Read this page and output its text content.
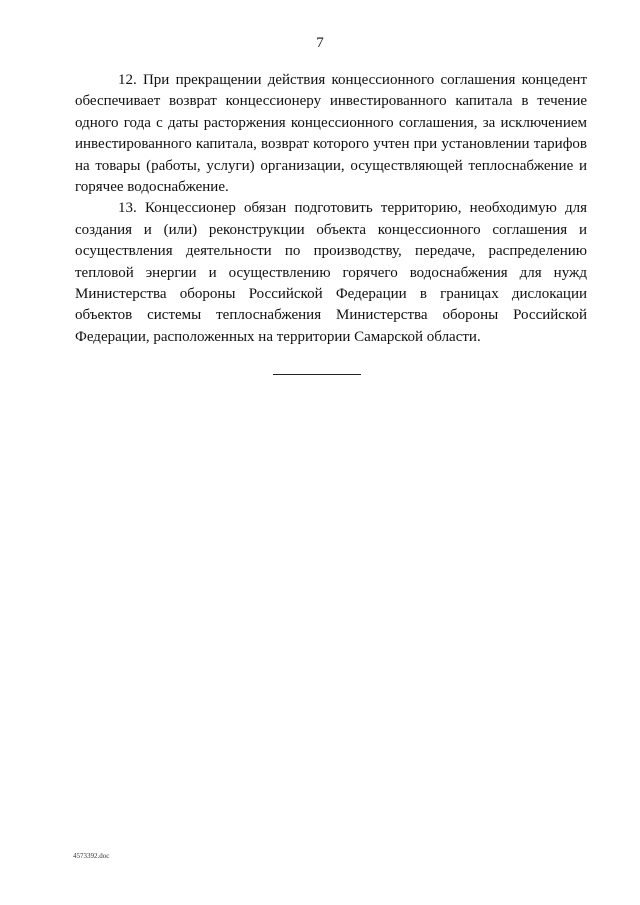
7

12. При прекращении действия концессионного соглашения концедент обеспечивает возврат концессионеру инвестированного капитала в течение одного года с даты расторжения концессионного соглашения, за исключением инвестированного капитала, возврат которого учтен при установлении тарифов на товары (работы, услуги) организации, осуществляющей теплоснабжение и горячее водоснабжение.

13. Концессионер обязан подготовить территорию, необходимую для создания и (или) реконструкции объекта концессионного соглашения и осуществления деятельности по производству, передаче, распределению тепловой энергии и осуществлению горячего водоснабжения для нужд Министерства обороны Российской Федерации в границах дислокации объектов системы теплоснабжения Министерства обороны Российской Федерации, расположенных на территории Самарской области.

4573392.doc
